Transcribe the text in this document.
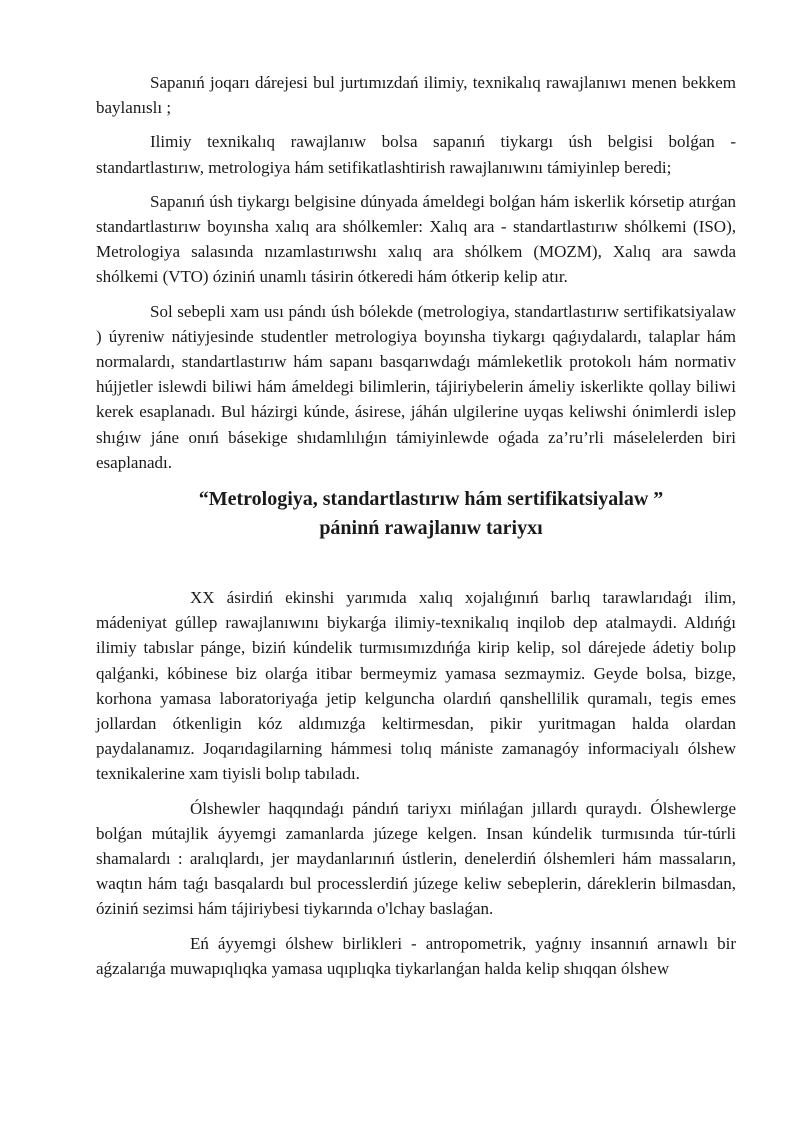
Sapanıń joqarı dárejesi bul jurtımızdań ilimiy, texnikalıq rawajlanıwı menen bekkem baylanıslı ;

Ilimiy texnikalıq rawajlanıw bolsa sapanıń tiykargı úsh belgisi bolǵan - standartlastırıw, metrologiya hám setifikatlashtirish rawajlanıwını támiyinlep beredi;

Sapanıń úsh tiykargı belgisine dúnyada ámeldegi bolǵan hám iskerlik kórsetip atırǵan standartlastırıw boyınsha xalıq ara shólkemler: Xalıq ara - standartlastırıw shólkemi (ISO), Metrologiya salasında nızamlastırıwshı xalıq ara shólkem (MOZM), Xalıq ara sawda shólkemi (VTO) óziniń unamlı tásirin ótkeredi hám ótkerip kelip atır.

Sol sebepli xam usı pándı úsh bólekde (metrologiya, standartlastırıw sertifikatsiyalaw ) úyreniw nátiyjesinde studentler metrologiya boyınsha tiykargı qaǵıydalardı, talaplar hám normalardı, standartlastırıw hám sapanı basqarıwdaǵı mámleketlik protokolı hám normativ hújjetler islewdi biliwi hám ámeldegi bilimlerin, tájiriybelerin ámeliy iskerlikte qollay biliwi kerek esaplanadı. Bul házirgi kúnde, ásirese, jáhán ulgilerine uyqas keliwshi ónimlerdi islep shıǵıw jáne onıń básekige shıdamlılıǵın támiyinlewde oǵada za’ru’rli máselelerden biri esaplanadı.

“Metrologiya, standartlastırıw hám sertifikatsiyalaw ”
páninń rawajlanıw tariyxı

XX ásirdiń ekinshi yarımıda xalıq xojalıǵınıń barlıq tarawlarıdaǵı ilim, mádeniyat gúllep rawajlanıwını biykarǵa ilimiy-texnikalıq inqilob dep atalmaydi. Aldıńǵı ilimiy tabıslar pánge, biziń kúndelik turmısımızdıńǵa kirip kelip, sol dárejede ádetiy bolıp qalǵanki, kóbinese biz olarǵa itibar bermeymiz yamasa sezmaymiz. Geyde bolsa, bizge, korhona yamasa laboratoriyaǵa jetip kelguncha olardıń qanshellilik quramalı, tegis emes jollardan ótkenligin kóz aldımızǵa keltirmesdan, pikir yuritmagan halda olardan paydalanamız. Joqarıdagilarning hámmesi tolıq mániste zamanagóy informaciyalı ólshew texnikalerine xam tiyisli bolıp tabıladı.

Ólshewler haqqındaǵı pándıń tariyxı mińlaǵan jıllardı quraydı. Ólshewlerge bolǵan mútajlik áyyemgi zamanlarda júzege kelgen. Insan kúndelik turmısında túr-túrli shamalardı : aralıqlardı, jer maydanlarınıń ústlerin, denelerdiń ólshemleri hám massaların, waqtın hám taǵı basqalardı bul processlerdiń júzege keliw sebeplerin, dáreklerin bilmasdan, óziniń sezimsi hám tájiriybesi tiykarında o'lchay baslaǵan.

Eń áyyemgi ólshew birlikleri - antropometrik, yaǵnıy insannıń arnawlı bir aǵzalarıǵa muwapıqlıqka yamasa uqıplıqka tiykarlanǵan halda kelip shıqqan ólshew
